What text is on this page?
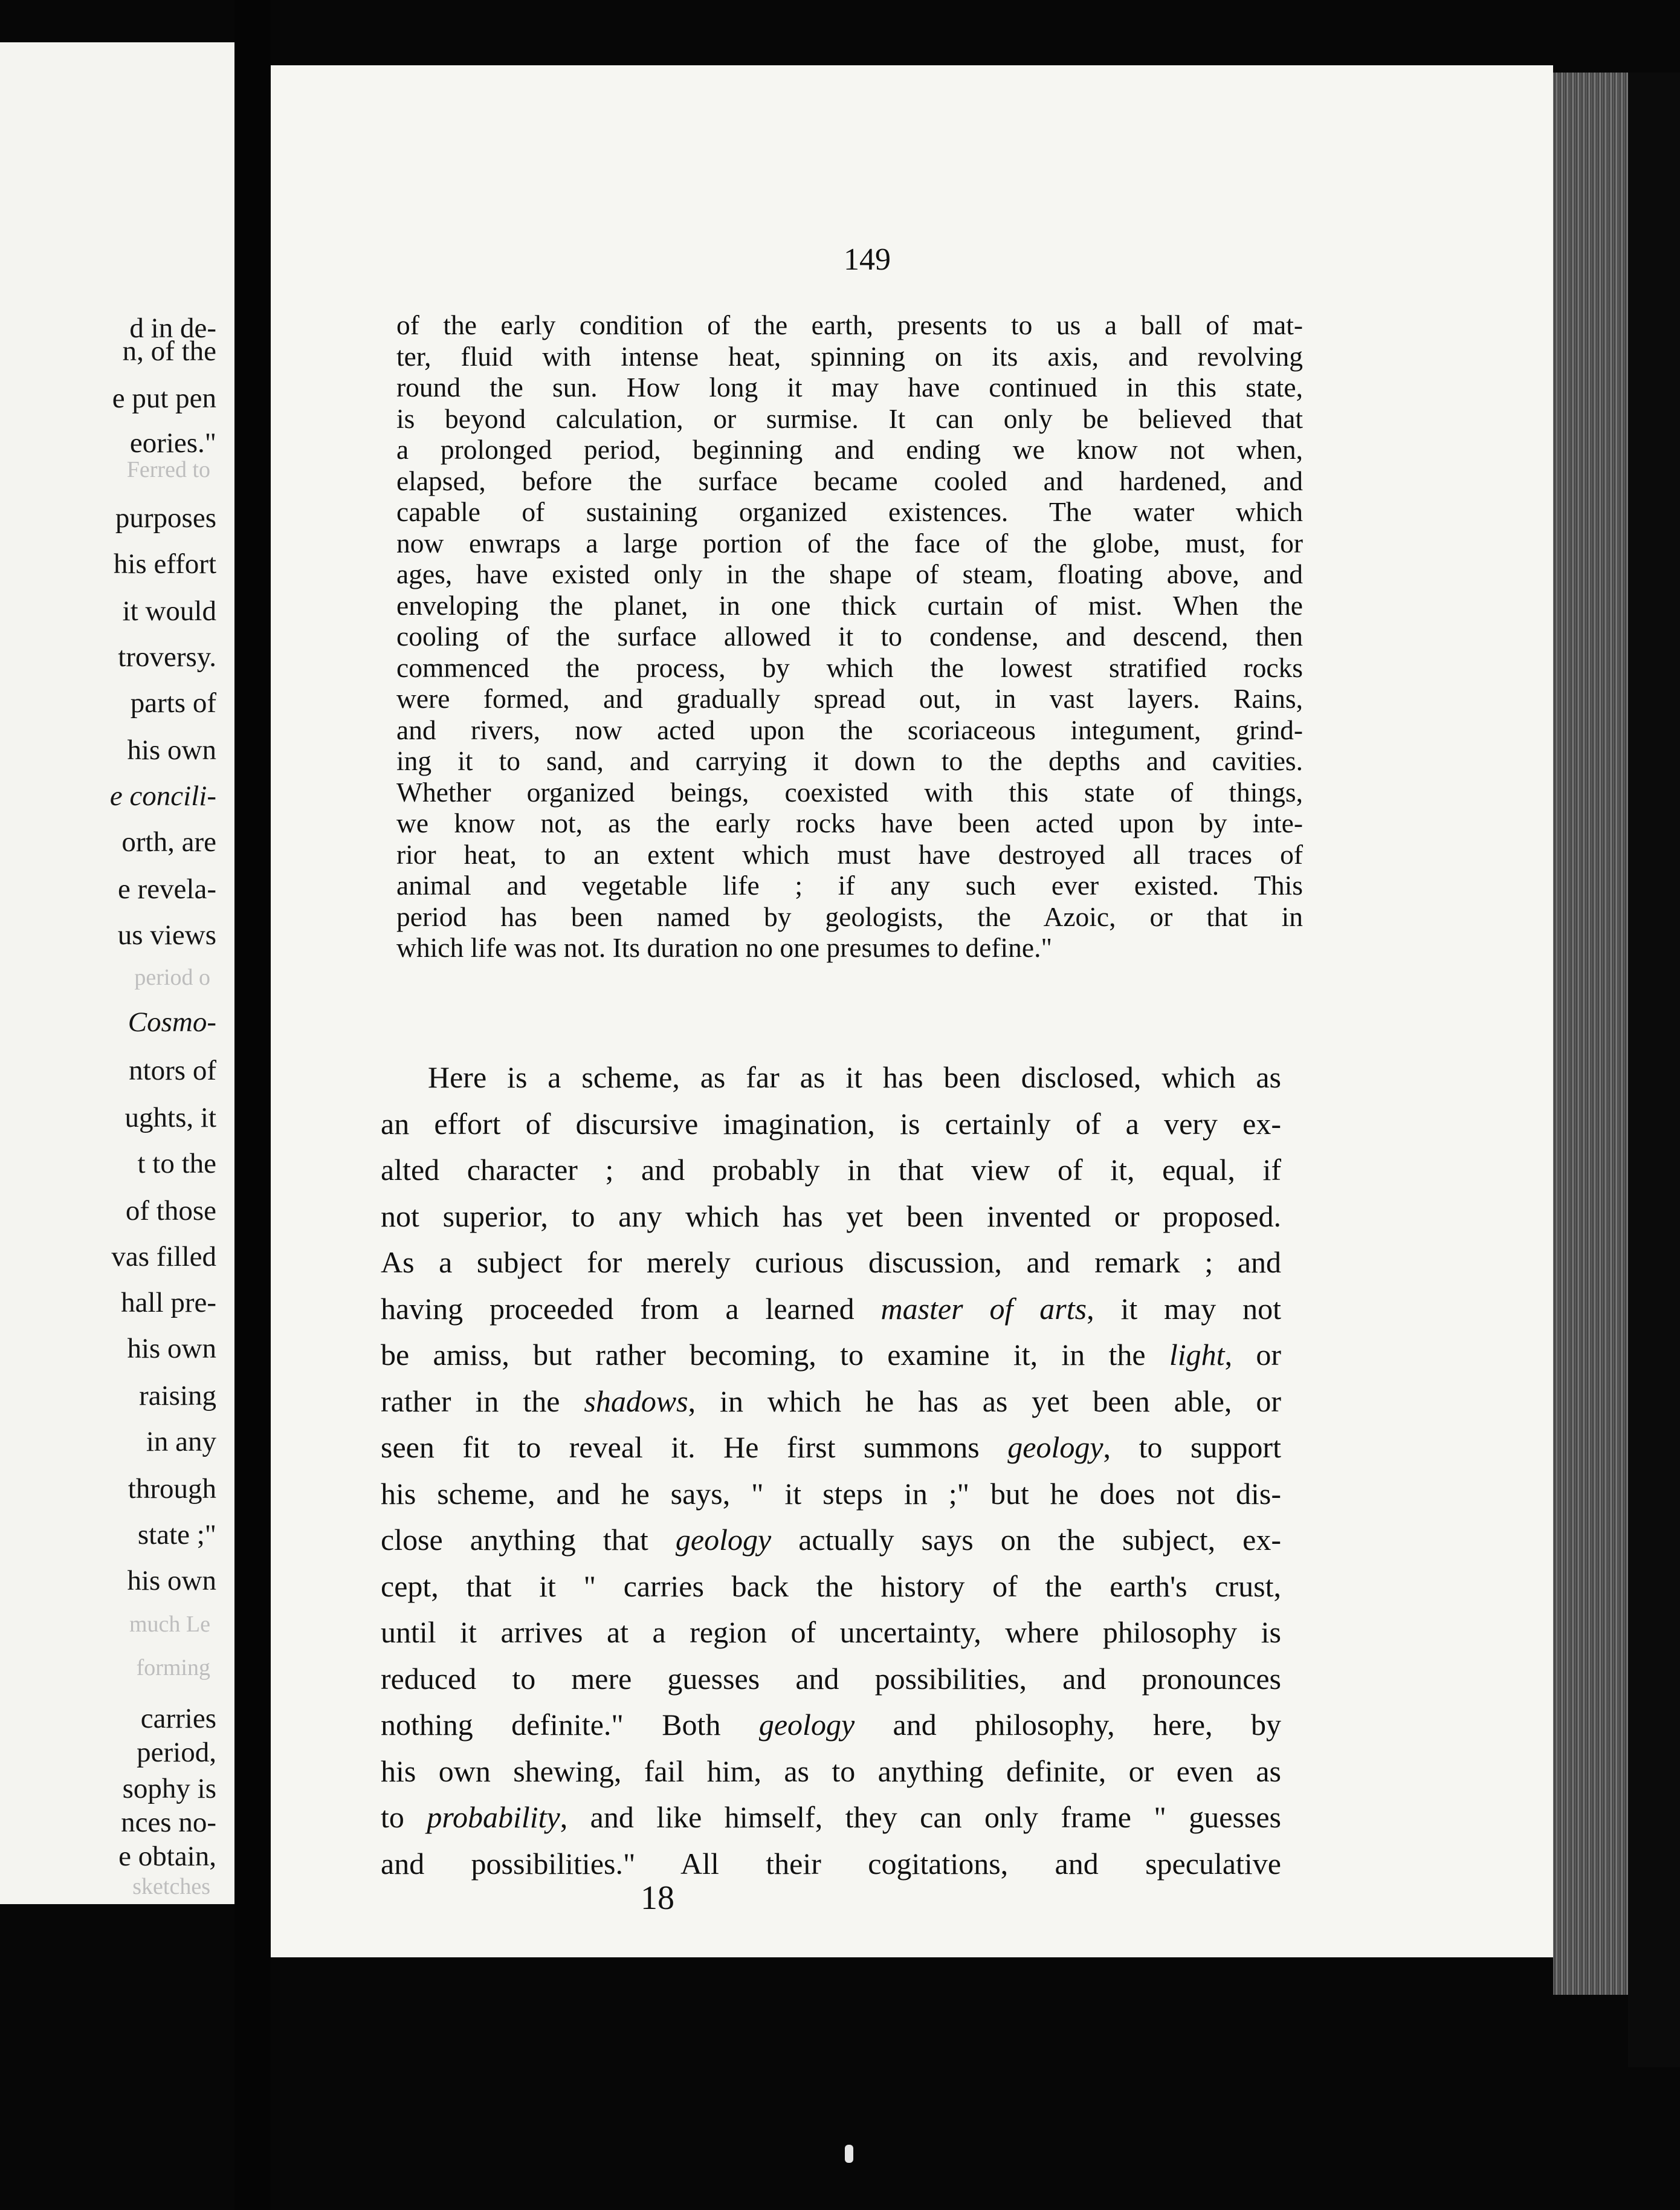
d in de-

n, of the

e put pen

eories."

Ferred to

purposes

his effort

it would

troversy.

parts of

his own

e concili-

orth, are

e revela-

us views

period o

Cosmo-

ntors of

ughts, it

t to the

of those

vas filled

hall pre-

his own

raising

in any

through

state ;"

his own

much Le

forming

carries

period,

sophy is

nces no-

e obtain,

sketches

149

of the early condition of the earth, presents to us a ball of mat-
ter, fluid with intense heat, spinning on its axis, and revolving
round the sun. How long it may have continued in this state,
is beyond calculation, or surmise. It can only be believed that
a prolonged period, beginning and ending we know not when,
elapsed, before the surface became cooled and hardened, and
capable of sustaining organized existences. The water which
now enwraps a large portion of the face of the globe, must, for
ages, have existed only in the shape of steam, floating above, and
enveloping the planet, in one thick curtain of mist. When the
cooling of the surface allowed it to condense, and descend, then
commenced the process, by which the lowest stratified rocks
were formed, and gradually spread out, in vast layers. Rains,
and rivers, now acted upon the scoriaceous integument, grind-
ing it to sand, and carrying it down to the depths and cavities.
Whether organized beings, coexisted with this state of things,
we know not, as the early rocks have been acted upon by inte-
rior heat, to an extent which must have destroyed all traces of
animal and vegetable life ; if any such ever existed. This
period has been named by geologists, the Azoic, or that in
which life was not. Its duration no one presumes to define."

Here is a scheme, as far as it has been disclosed, which as
an effort of discursive imagination, is certainly of a very ex-
alted character ; and probably in that view of it, equal, if
not superior, to any which has yet been invented or proposed.
As a subject for merely curious discussion, and remark ; and
having proceeded from a learned master of arts, it may not
be amiss, but rather becoming, to examine it, in the light, or
rather in the shadows, in which he has as yet been able, or
seen fit to reveal it. He first summons geology, to support
his scheme, and he says, " it steps in ;" but he does not dis-
close anything that geology actually says on the subject, ex-
cept, that it " carries back the history of the earth's crust,
until it arrives at a region of uncertainty, where philosophy is
reduced to mere guesses and possibilities, and pronounces
nothing definite." Both geology and philosophy, here, by
his own shewing, fail him, as to anything definite, or even as
to probability, and like himself, they can only frame " guesses
and possibilities." All their cogitations, and speculative

18
